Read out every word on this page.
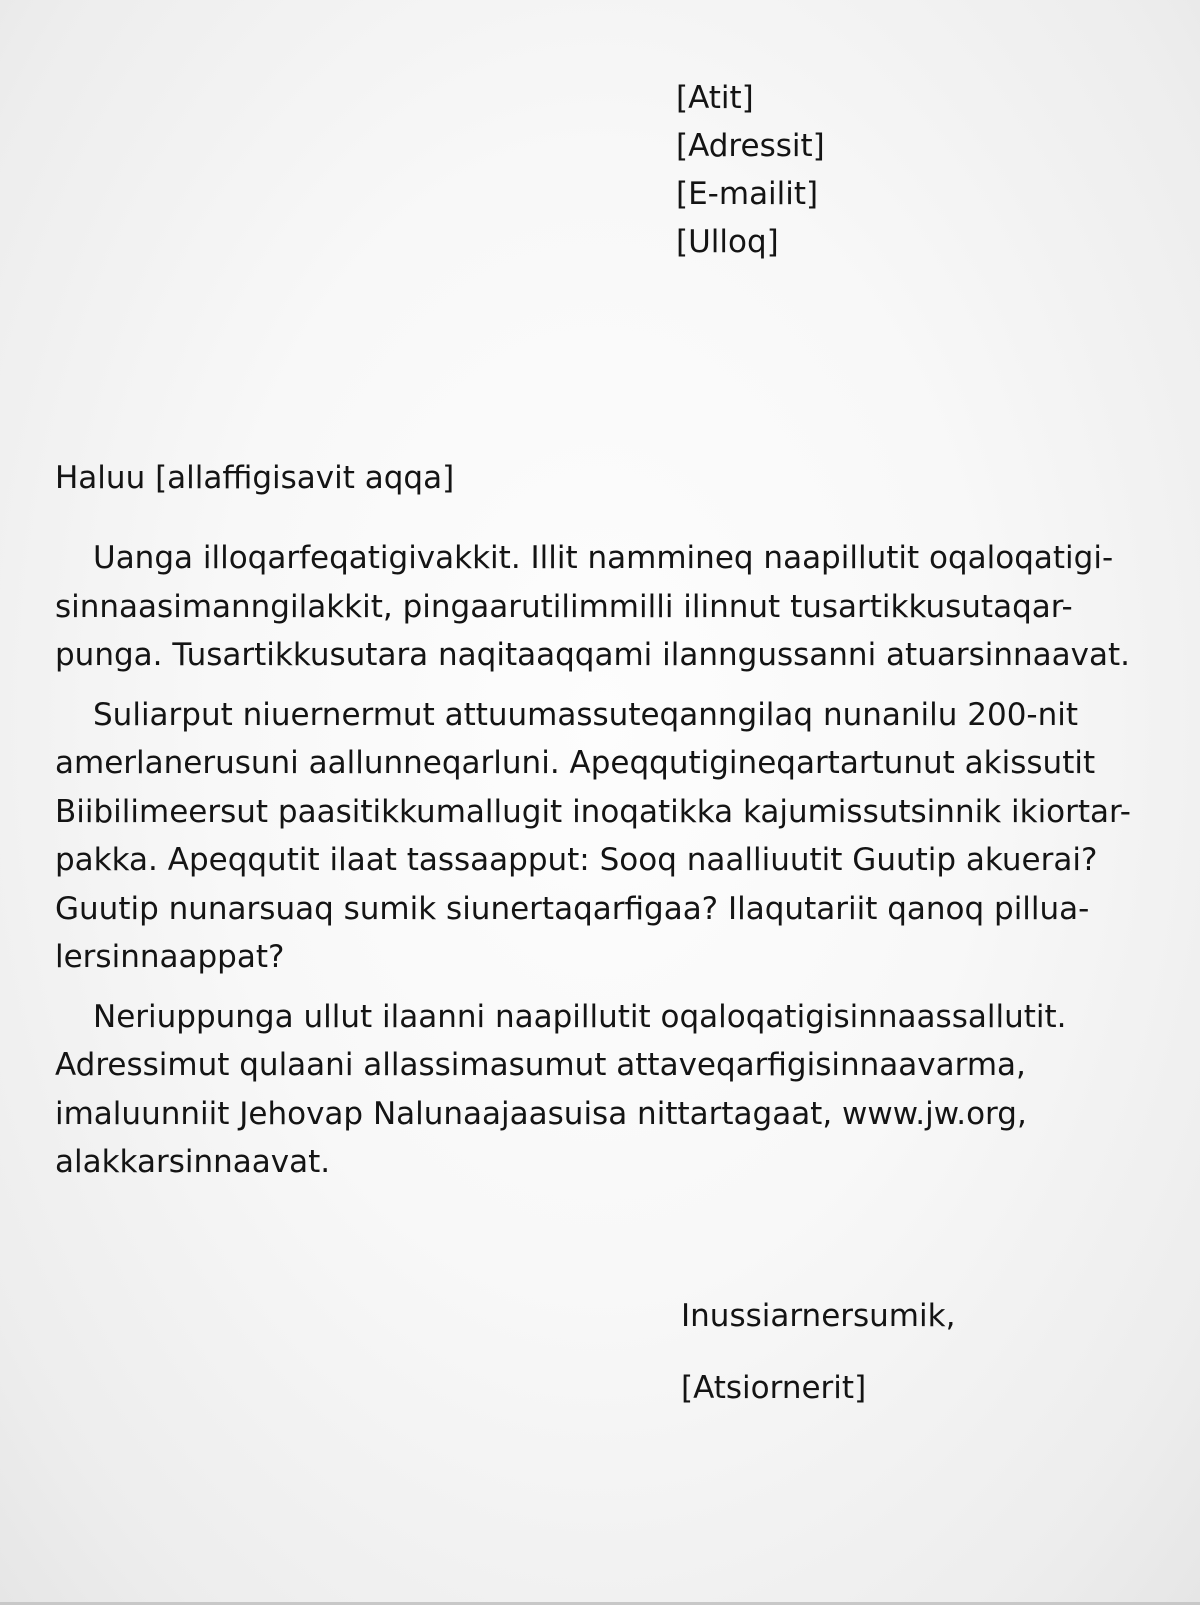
[Atit]
[Adressit]
[E-mailit]
[Ulloq]
Haluu [allaffigisavit aqqa]

Uanga illoqarfeqatigivakkit. Illit nammineq naapillutit oqaloqatigi-
sinnaasimanngilakkit, pingaarutilimmilli ilinnut tusartikkusutaqar-
punga. Tusartikkusutara naqitaaqqami ilanngussanni atuarsinnaavat.

Suliarput niuernermut attuumassuteqanngilaq nunanilu 200-nit
amerlanerusuni aallunneqarluni. Apeqqutigineqartartunut akissutit
Biibilimeersut paasitikkumallugit inoqatikka kajumissutsinnik ikiortar-
pakka. Apeqqutit ilaat tassaapput: Sooq naalliuutit Guutip akuerai?
Guutip nunarsuaq sumik siunertaqarfigaa? Ilaqutariit qanoq pillua-
lersinnaappat?

Neriuppunga ullut ilaanni naapillutit oqaloqatigisinnaassallutit.
Adressimut qulaani allassimasumut attaveqarfigisinnaavarma,
imaluunniit Jehovap Nalunaajaasuisa nittartagaat, www.jw.org,
alakkarsinnaavat.

Inussiarnersumik,
[Atsiornerit]
